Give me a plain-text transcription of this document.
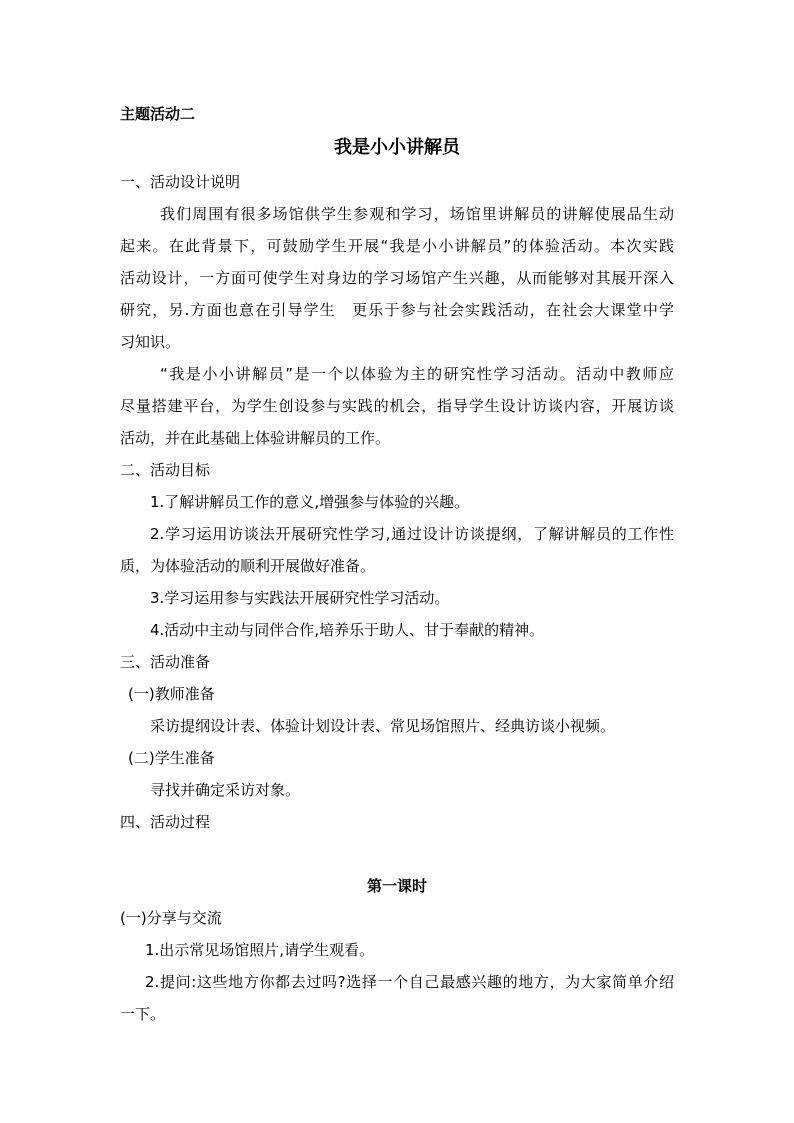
主题活动二
我是小小讲解员
一、活动设计说明
我们周围有很多场馆供学生参观和学习，场馆里讲解员的讲解使展品生动
起来。在此背景下，可鼓励学生开展“我是小小讲解员”的体验活动。本次实践
活动设计，一方面可使学生对身边的学习场馆产生兴趣，从而能够对其展开深入
研究，另.方面也意在引导学生　更乐于参与社会实践活动，在社会大课堂中学
习知识。
“我是小小讲解员”是一个以体验为主的研究性学习活动。活动中教师应
尽量搭建平台，为学生创设参与实践的机会，指导学生设计访谈内容，开展访谈
活动，并在此基础上体验讲解员的工作。
二、活动目标
1.了解讲解员工作的意义,增强参与体验的兴趣。
2.学习运用访谈法开展研究性学习,通过设计访谈提纲，了解讲解员的工作性
质，为体验活动的顺利开展做好准备。
3.学习运用参与实践法开展研究性学习活动。
4.活动中主动与同伴合作,培养乐于助人、甘于奉献的精神。
三、活动准备
(一)教师准备
采访提纲设计表、体验计划设计表、常见场馆照片、经典访谈小视频。
(二)学生准备
寻找并确定采访对象。
四、活动过程
第一课时
(一)分享与交流
1.出示常见场馆照片,请学生观看。
2.提问:这些地方你都去过吗?选择一个自己最感兴趣的地方，为大家简单介绍
一下。
